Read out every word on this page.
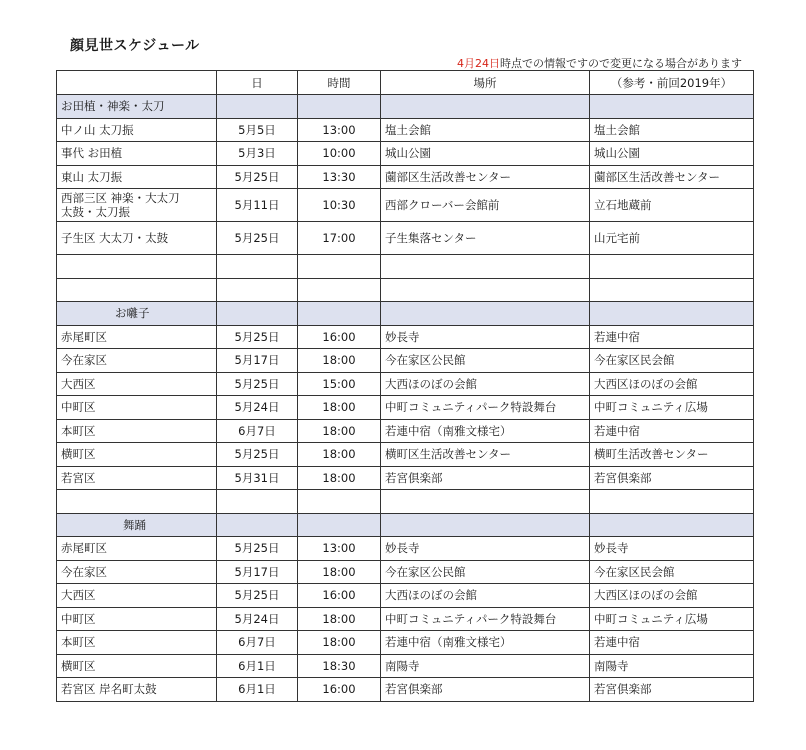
顔見世スケジュール
4月24日時点での情報ですので変更になる場合があります
	日	時間	場所	（参考・前回2019年）
お田植・神楽・太刀				
中ノ山 太刀振	5月5日	13:00	塩土会館	塩土会館
事代 お田植	5月3日	10:00	城山公園	城山公園
東山 太刀振	5月25日	13:30	薗部区生活改善センター	薗部区生活改善センター

西部三区 神楽・大太刀
太鼓・太刀振	5月11日	10:30	西部クローバー会館前	立石地蔵前
子生区 大太刀・太鼓	5月25日	17:00	子生集落センター	山元宅前

お囃子				
赤尾町区	5月25日	16:00	妙長寺	若連中宿
今在家区	5月17日	18:00	今在家区公民館	今在家区民会館
大西区	5月25日	15:00	大西ほのぼの会館	大西区ほのぼの会館
中町区	5月24日	18:00	中町コミュニティパーク特設舞台	中町コミュニティ広場
本町区	6月7日	18:00	若連中宿（南雅文様宅）	若連中宿
横町区	5月25日	18:00	横町区生活改善センター	横町生活改善センター
若宮区	5月31日	18:00	若宮倶楽部	若宮倶楽部

舞踊				
赤尾町区	5月25日	13:00	妙長寺	妙長寺
今在家区	5月17日	18:00	今在家区公民館	今在家区民会館
大西区	5月25日	16:00	大西ほのぼの会館	大西区ほのぼの会館
中町区	5月24日	18:00	中町コミュニティパーク特設舞台	中町コミュニティ広場
本町区	6月7日	18:00	若連中宿（南雅文様宅）	若連中宿
横町区	6月1日	18:30	南陽寺	南陽寺
若宮区 岸名町太鼓	6月1日	16:00	若宮倶楽部	若宮倶楽部
